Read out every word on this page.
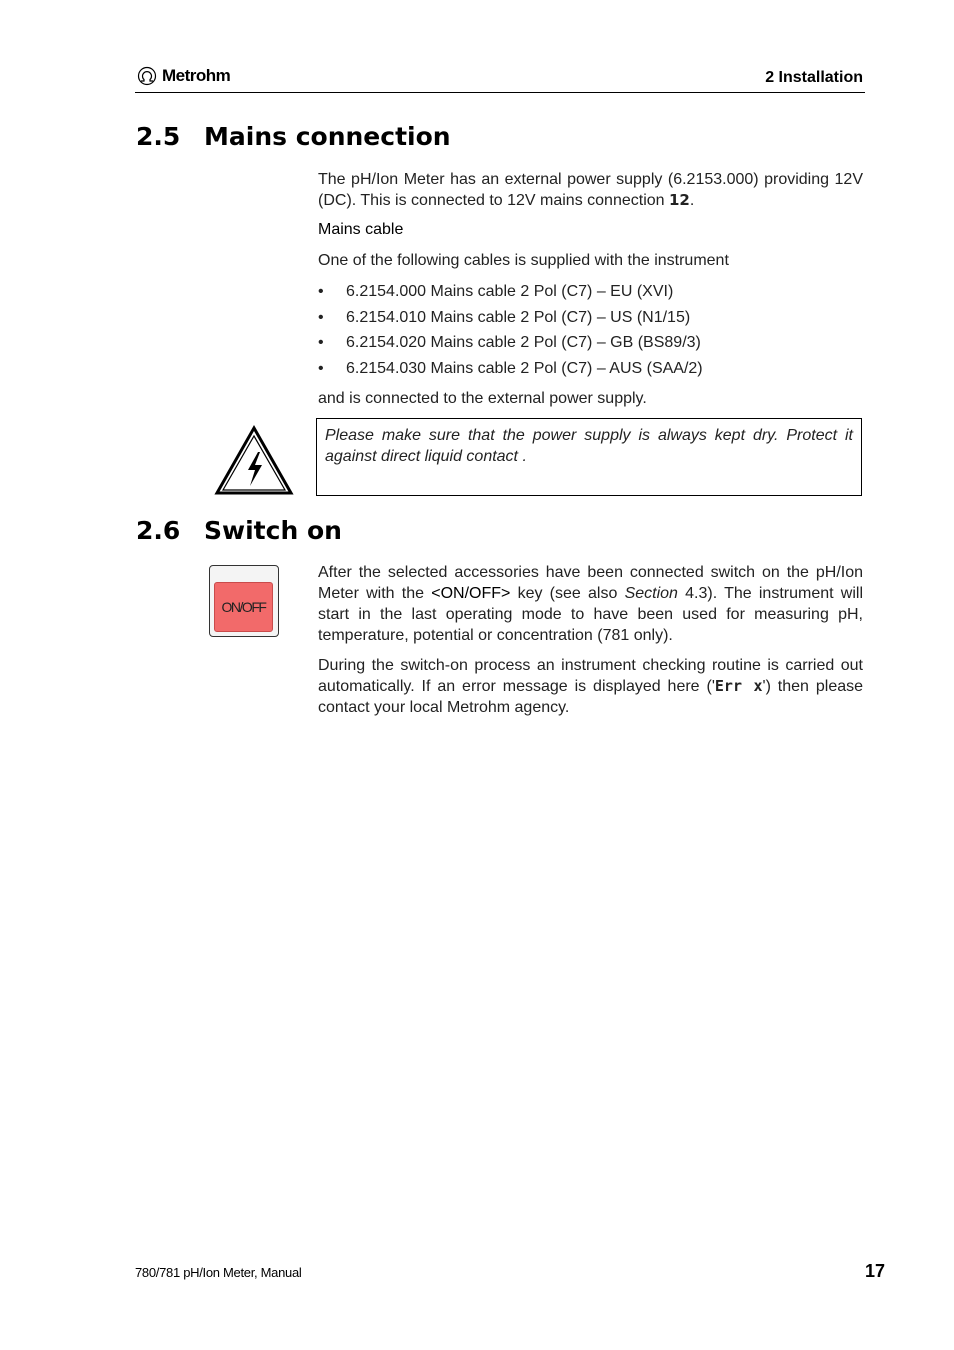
Metrohm	2 Installation
2.5 Mains connection
The pH/Ion Meter has an external power supply (6.2153.000) providing 12V (DC). This is connected to 12V mains connection 12.
Mains cable
One of the following cables is supplied with the instrument
•	6.2154.000 Mains cable 2 Pol (C7) – EU (XVI)
•	6.2154.010 Mains cable 2 Pol (C7) – US (N1/15)
•	6.2154.020 Mains cable 2 Pol (C7) – GB (BS89/3)
•	6.2154.030 Mains cable 2 Pol (C7) – AUS (SAA/2)
and is connected to the external power supply.
Please make sure that the power supply is always kept dry. Protect it against direct liquid contact .
2.6 Switch on
ON/OFF
After the selected accessories have been connected switch on the pH/Ion Meter with the <ON/OFF> key (see also Section 4.3). The instrument will start in the last operating mode to have been used for measuring pH, temperature, potential or concentration (781 only).
During the switch-on process an instrument checking routine is carried out automatically. If an error message is displayed here ('Err x') then please contact your local Metrohm agency.
780/781 pH/Ion Meter, Manual	17
